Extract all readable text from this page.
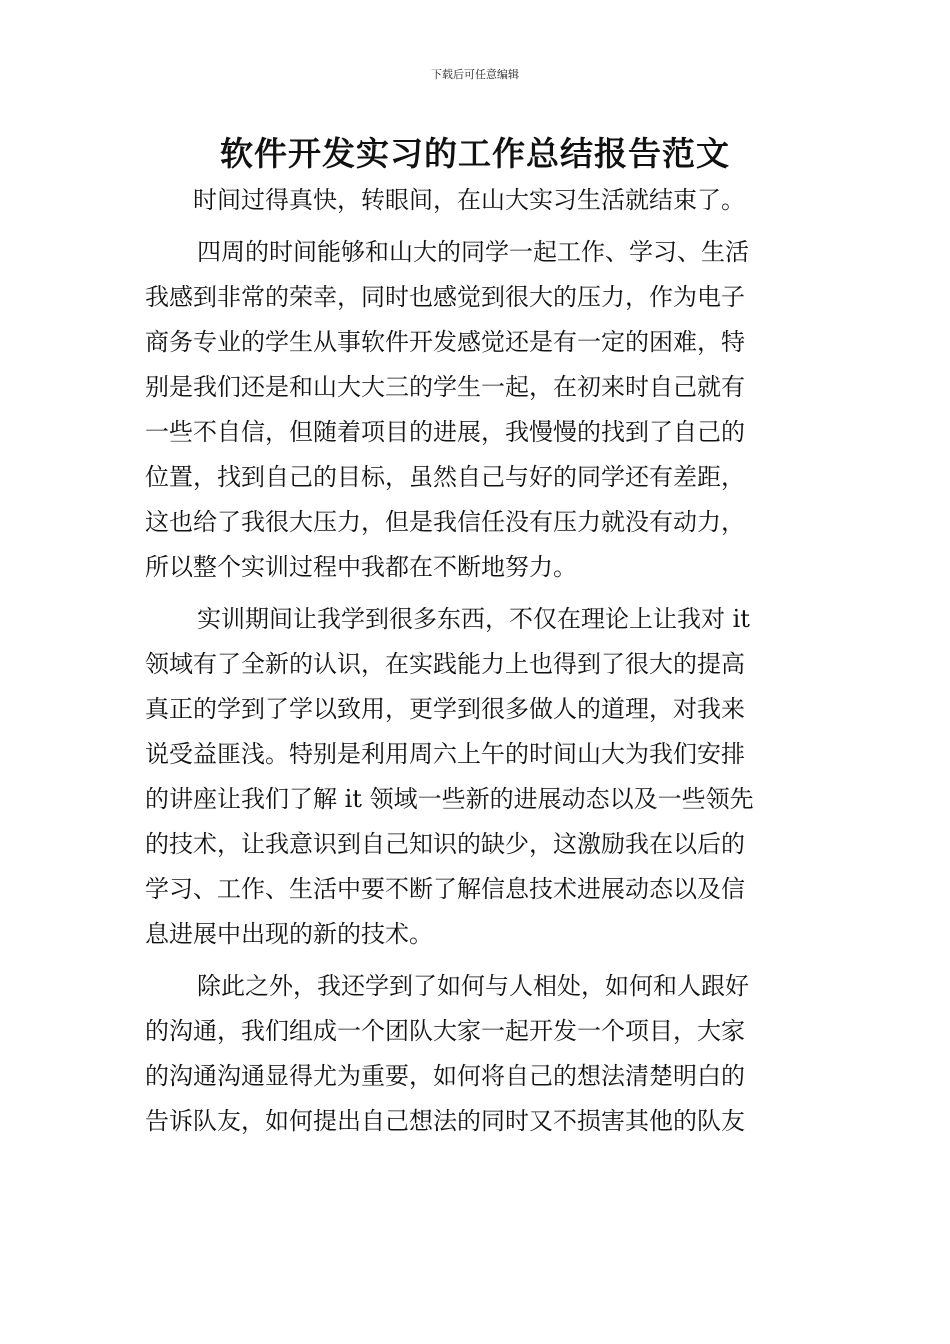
下载后可任意编辑
软件开发实习的工作总结报告范文
时间过得真快，转眼间，在山大实习生活就结束了。
四周的时间能够和山大的同学一起工作、学习、生活
我感到非常的荣幸，同时也感觉到很大的压力，作为电子
商务专业的学生从事软件开发感觉还是有一定的困难，特
别是我们还是和山大大三的学生一起，在初来时自己就有
一些不自信，但随着项目的进展，我慢慢的找到了自己的
位置，找到自己的目标，虽然自己与好的同学还有差距，
这也给了我很大压力，但是我信任没有压力就没有动力，
所以整个实训过程中我都在不断地努力。
实训期间让我学到很多东西，不仅在理论上让我对 it
领域有了全新的认识，在实践能力上也得到了很大的提高
真正的学到了学以致用，更学到很多做人的道理，对我来
说受益匪浅。特别是利用周六上午的时间山大为我们安排
的讲座让我们了解 it 领域一些新的进展动态以及一些领先
的技术，让我意识到自己知识的缺少，这激励我在以后的
学习、工作、生活中要不断了解信息技术进展动态以及信
息进展中出现的新的技术。
除此之外，我还学到了如何与人相处，如何和人跟好
的沟通，我们组成一个团队大家一起开发一个项目，大家
的沟通沟通显得尤为重要，如何将自己的想法清楚明白的
告诉队友，如何提出自己想法的同时又不损害其他的队友
